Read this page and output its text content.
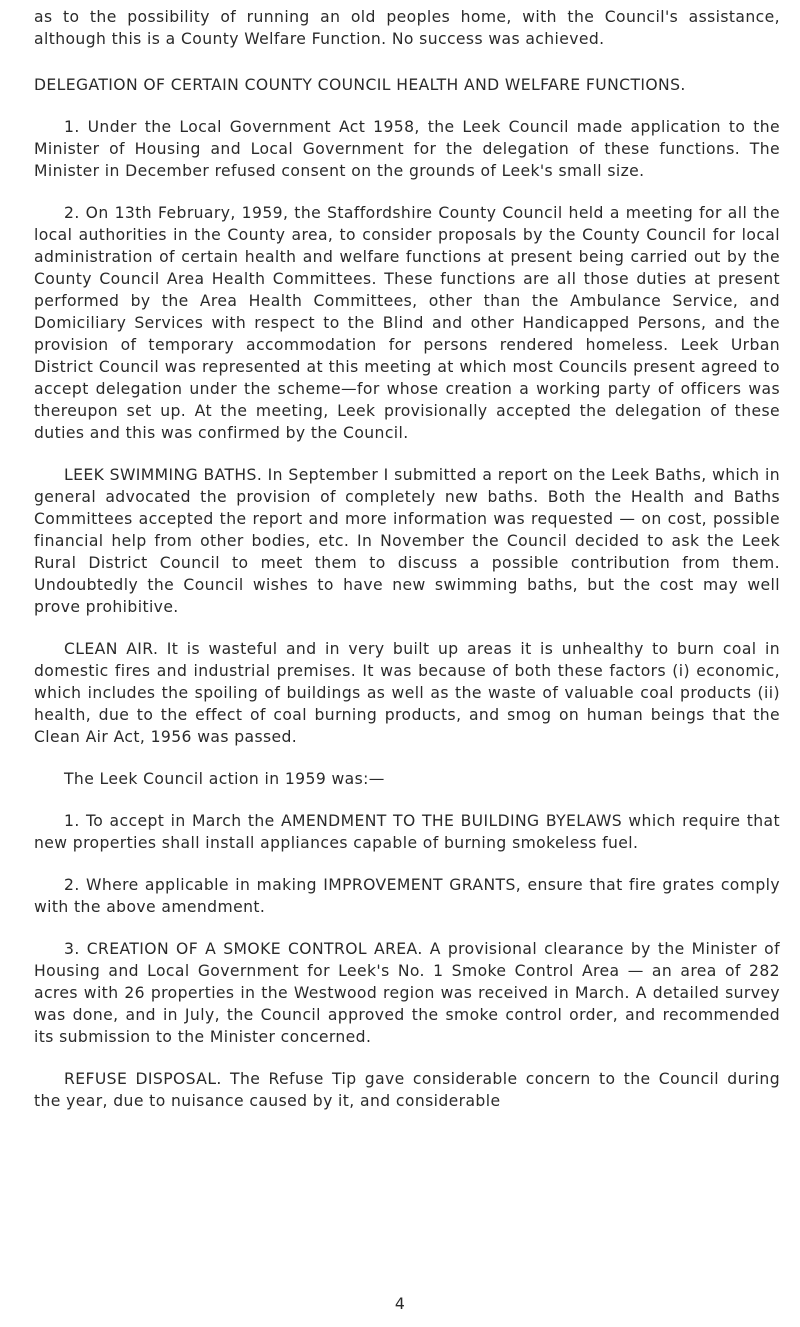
as to the possibility of running an old peoples home, with the Council's assistance, although this is a County Welfare Function. No success was achieved.

DELEGATION OF CERTAIN COUNTY COUNCIL HEALTH AND WELFARE FUNCTIONS.

1. Under the Local Government Act 1958, the Leek Council made application to the Minister of Housing and Local Government for the delegation of these functions. The Minister in December refused consent on the grounds of Leek's small size.

2. On 13th February, 1959, the Staffordshire County Council held a meeting for all the local authorities in the County area, to consider proposals by the County Council for local administration of certain health and welfare functions at present being carried out by the County Council Area Health Committees. These functions are all those duties at present performed by the Area Health Committees, other than the Ambulance Service, and Domiciliary Services with respect to the Blind and other Handicapped Persons, and the provision of temporary accommodation for persons rendered homeless. Leek Urban District Council was represented at this meeting at which most Councils present agreed to accept delegation under the scheme—for whose creation a working party of officers was thereupon set up. At the meeting, Leek provisionally accepted the delegation of these duties and this was confirmed by the Council.

LEEK SWIMMING BATHS. In September I submitted a report on the Leek Baths, which in general advocated the provision of completely new baths. Both the Health and Baths Committees accepted the report and more information was requested — on cost, possible financial help from other bodies, etc. In November the Council decided to ask the Leek Rural District Council to meet them to discuss a possible contribution from them. Undoubtedly the Council wishes to have new swimming baths, but the cost may well prove prohibitive.

CLEAN AIR. It is wasteful and in very built up areas it is unhealthy to burn coal in domestic fires and industrial premises. It was because of both these factors (i) economic, which includes the spoiling of buildings as well as the waste of valuable coal products (ii) health, due to the effect of coal burning products, and smog on human beings that the Clean Air Act, 1956 was passed.

The Leek Council action in 1959 was:—

1. To accept in March the AMENDMENT TO THE BUILDING BYELAWS which require that new properties shall install appliances capable of burning smokeless fuel.

2. Where applicable in making IMPROVEMENT GRANTS, ensure that fire grates comply with the above amendment.

3. CREATION OF A SMOKE CONTROL AREA. A provisional clearance by the Minister of Housing and Local Government for Leek's No. 1 Smoke Control Area — an area of 282 acres with 26 properties in the Westwood region was received in March. A detailed survey was done, and in July, the Council approved the smoke control order, and recommended its submission to the Minister concerned.

REFUSE DISPOSAL. The Refuse Tip gave considerable concern to the Council during the year, due to nuisance caused by it, and considerable

4
